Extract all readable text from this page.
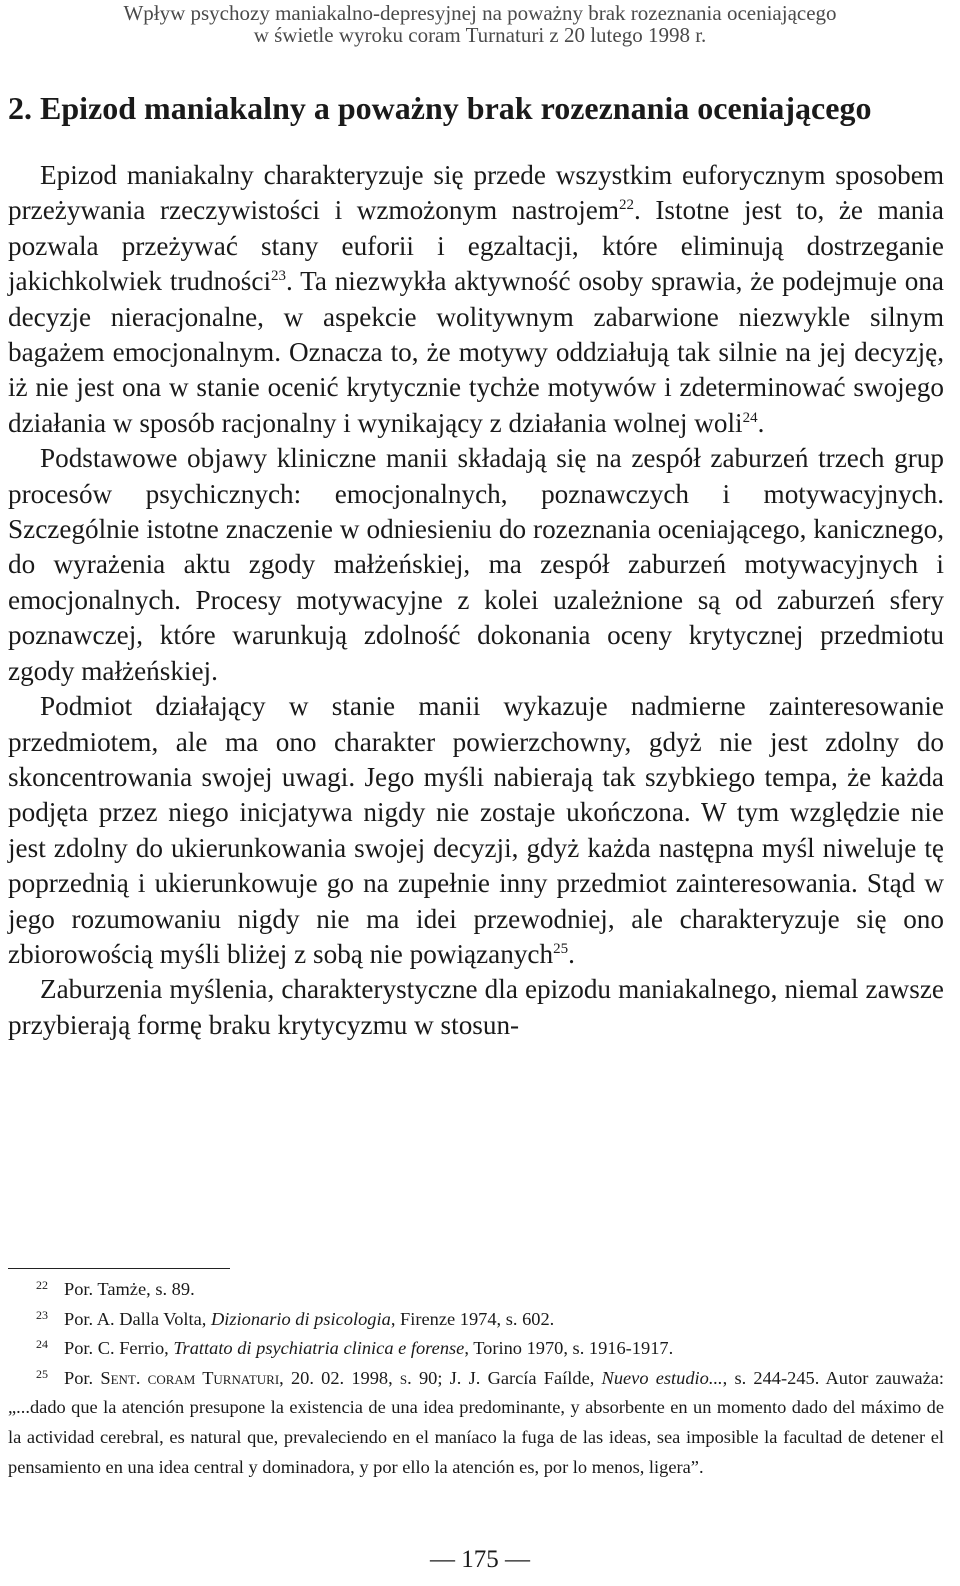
Wpływ psychozy maniakalno-depresyjnej na poważny brak rozeznania oceniającego
w świetle wyroku coram Turnaturi z 20 lutego 1998 r.
2. Epizod maniakalny a poważny brak rozeznania oceniającego

Epizod maniakalny charakteryzuje się przede wszystkim euforycznym sposobem przeżywania rzeczywistości i wzmożonym nastrojem$^{22}$. Istotne jest to, że mania pozwala przeżywać stany euforii i egzaltacji, które eliminują dostrzeganie jakichkolwiek trudności$^{23}$. Ta niezwykła aktywność osoby sprawia, że podejmuje ona decyzje nieracjonalne, w aspekcie wolitywnym zabarwione niezwykle silnym bagażem emocjonalnym. Oznacza to, że motywy oddziałują tak silnie na jej decyzję, iż nie jest ona w stanie ocenić krytycznie tychże motywów i zdeterminować swojego działania w sposób racjonalny i wynikający z działania wolnej woli$^{24}$.

Podstawowe objawy kliniczne manii składają się na zespół zaburzeń trzech grup procesów psychicznych: emocjonalnych, poznawczych i motywacyjnych. Szczególnie istotne znaczenie w odniesieniu do rozeznania oceniającego, kanicznego, do wyrażenia aktu zgody małżeńskiej, ma zespół zaburzeń motywacyjnych i emocjonalnych. Procesy motywacyjne z kolei uzależnione są od zaburzeń sfery poznawczej, które warunkują zdolność dokonania oceny krytycznej przedmiotu zgody małżeńskiej.

Podmiot działający w stanie manii wykazuje nadmierne zainteresowanie przedmiotem, ale ma ono charakter powierzchowny, gdyż nie jest zdolny do skoncentrowania swojej uwagi. Jego myśli nabierają tak szybkiego tempa, że każda podjęta przez niego inicjatywa nigdy nie zostaje ukończona. W tym względzie nie jest zdolny do ukierunkowania swojej decyzji, gdyż każda następna myśl niweluje tę poprzednią i ukierunkowuje go na zupełnie inny przedmiot zainteresowania. Stąd w jego rozumowaniu nigdy nie ma idei przewodniej, ale charakteryzuje się ono zbiorowością myśli bliżej z sobą nie powiązanych$^{25}$.

Zaburzenia myślenia, charakterystyczne dla epizodu maniakalnego, niemal zawsze przybierają formę braku krytycyzmu w stosun-

22 Por. Tamże, s. 89.

23 Por. A. Dalla Volta, Dizionario di psicologia, Firenze 1974, s. 602.

24 Por. C. Ferrio, Trattato di psychiatria clinica e forense, Torino 1970, s. 1916-1917.

25 Por. Sent. coram Turnaturi, 20. 02. 1998, s. 90; J. J. García Faílde, Nuevo estudio..., s. 244-245. Autor zauważa: „...dado que la atención presupone la existencia de una idea predominante, y absorbente en un momento dado del máximo de la actividad cerebral, es natural que, prevaleciendo en el maníaco la fuga de las ideas, sea imposible la facultad de detener el pensamiento en una idea central y dominadora, y por ello la atención es, por lo menos, ligera”.

— 175 —
